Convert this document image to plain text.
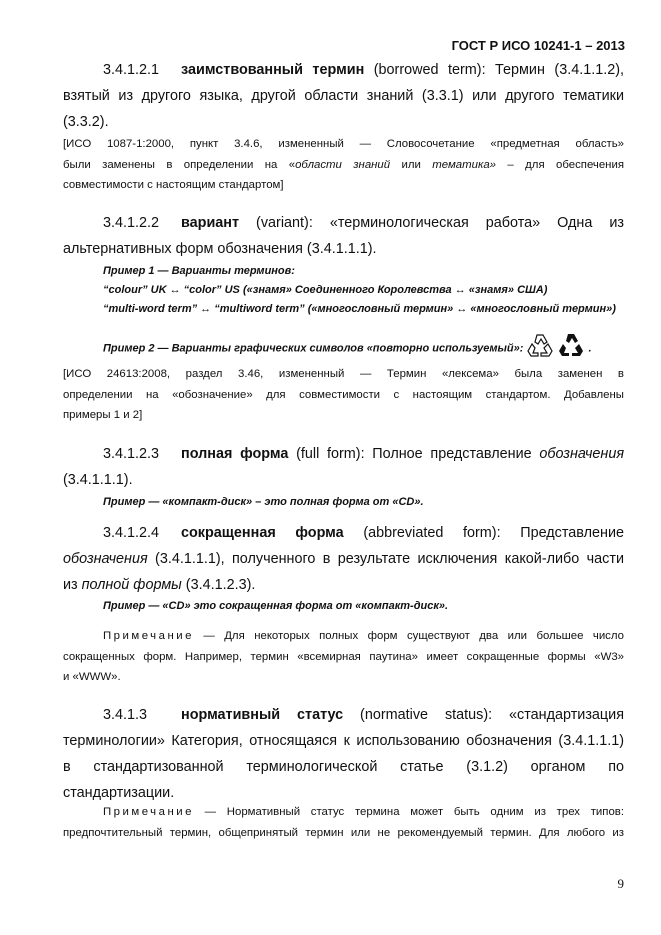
ГОСТ Р ИСО 10241-1 – 2013
3.4.1.2.1 заимствованный термин (borrowed term): Термин (3.4.1.1.2),
взятый из другого языка, другой области знаний (3.3.1) или другого тематики
(3.3.2).
[ИСО 1087-1:2000, пункт 3.4.6, измененный — Словосочетание «предметная область»
были заменены в определении на «области знаний или тематика» – для обеспечения
совместимости с настоящим стандартом]
3.4.1.2.2 вариант (variant): «терминологическая работа» Одна из
альтернативных форм обозначения (3.4.1.1.1).
Пример 1 — Варианты терминов:
“colour” UK ↔ “color” US («знамя» Соединенного Королевства ↔ «знамя» США)
“multi-word term” ↔ “multiword term” («многословный термин» ↔ «многословный термин»)
Пример 2 — Варианты графических символов «повторно используемый»:	.
[ИСО 24613:2008, раздел 3.46, измененный — Термин «лексема» была заменен в
определении на «обозначение» для совместимости с настоящим стандартом. Добавлены
примеры 1 и 2]
3.4.1.2.3 полная форма (full form): Полное представление обозначения
(3.4.1.1.1).
Пример — «компакт-диск» – это полная форма от «CD».
3.4.1.2.4 сокращенная форма (abbreviated form): Представление
обозначения (3.4.1.1.1), полученного в результате исключения какой-либо части
из полной формы (3.4.1.2.3).
Пример — «CD» это сокращенная форма от «компакт-диск».
Примечание — Для некоторых полных форм существуют два или большее число
сокращенных форм. Например, термин «всемирная паутина» имеет сокращенные формы «W3»
и «WWW».
3.4.1.3 нормативный статус (normative status): «стандартизация
терминологии» Категория, относящаяся к использованию обозначения (3.4.1.1.1)
в стандартизованной терминологической статье (3.1.2) органом по
стандартизации.
Примечание — Нормативный статус термина может быть одним из трех типов:
предпочтительный термин, общепринятый термин или не рекомендуемый термин. Для любого из
9
